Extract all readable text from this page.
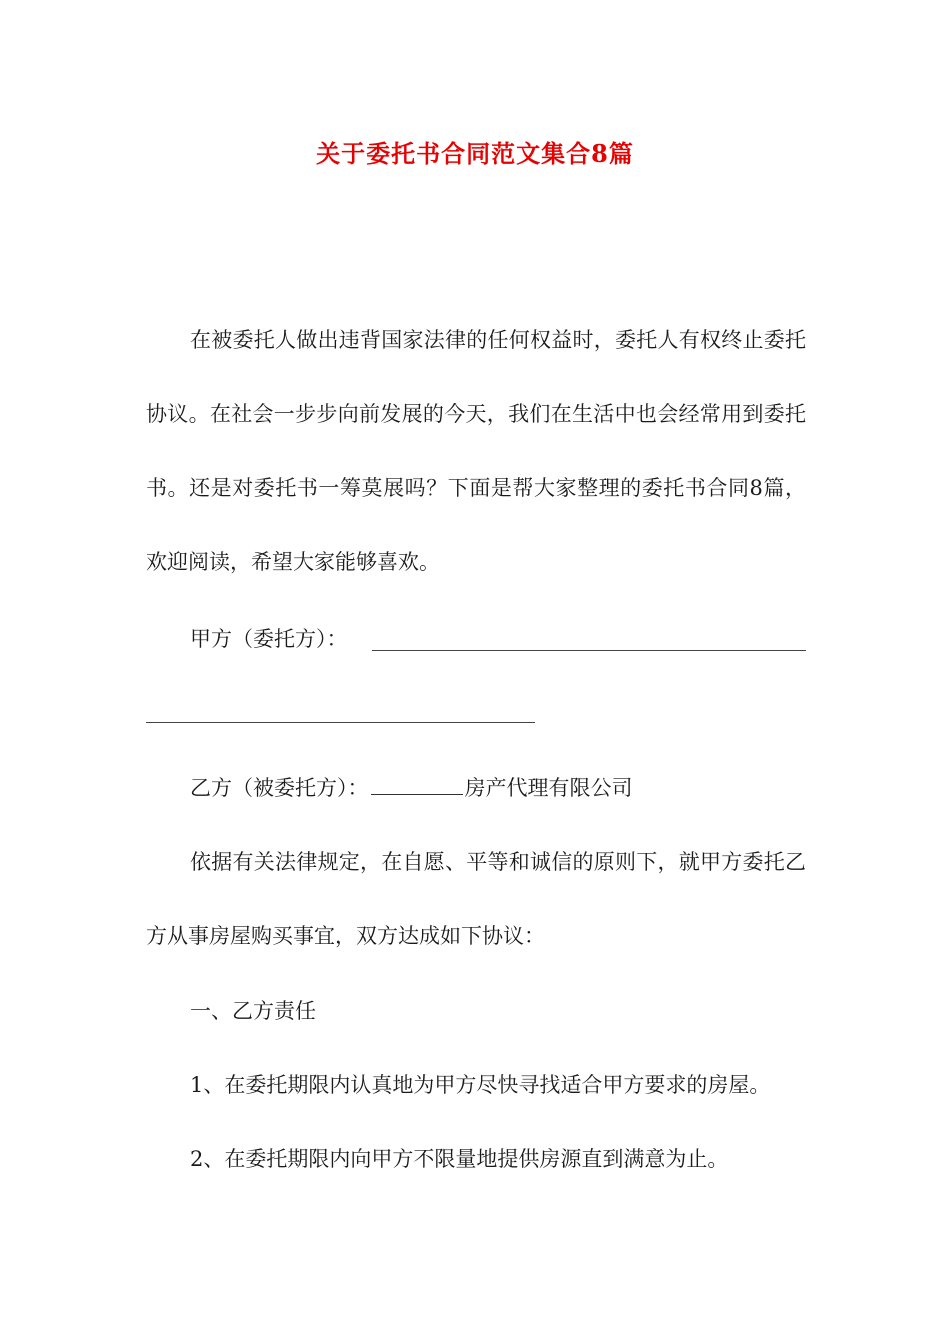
关于委托书合同范文集合8篇

在被委托人做出违背国家法律的任何权益时，委托人有权终止委托协议。在社会一步步向前发展的今天，我们在生活中也会经常用到委托书。还是对委托书一筹莫展吗？下面是帮大家整理的委托书合同8篇，欢迎阅读，希望大家能够喜欢。

甲方（委托方）：
乙方（被委托方）：	房产代理有限公司

依据有关法律规定，在自愿、平等和诚信的原则下，就甲方委托乙方从事房屋购买事宜，双方达成如下协议：

一、乙方责任
1、在委托期限内认真地为甲方尽快寻找适合甲方要求的房屋。
2、在委托期限内向甲方不限量地提供房源直到满意为止。
